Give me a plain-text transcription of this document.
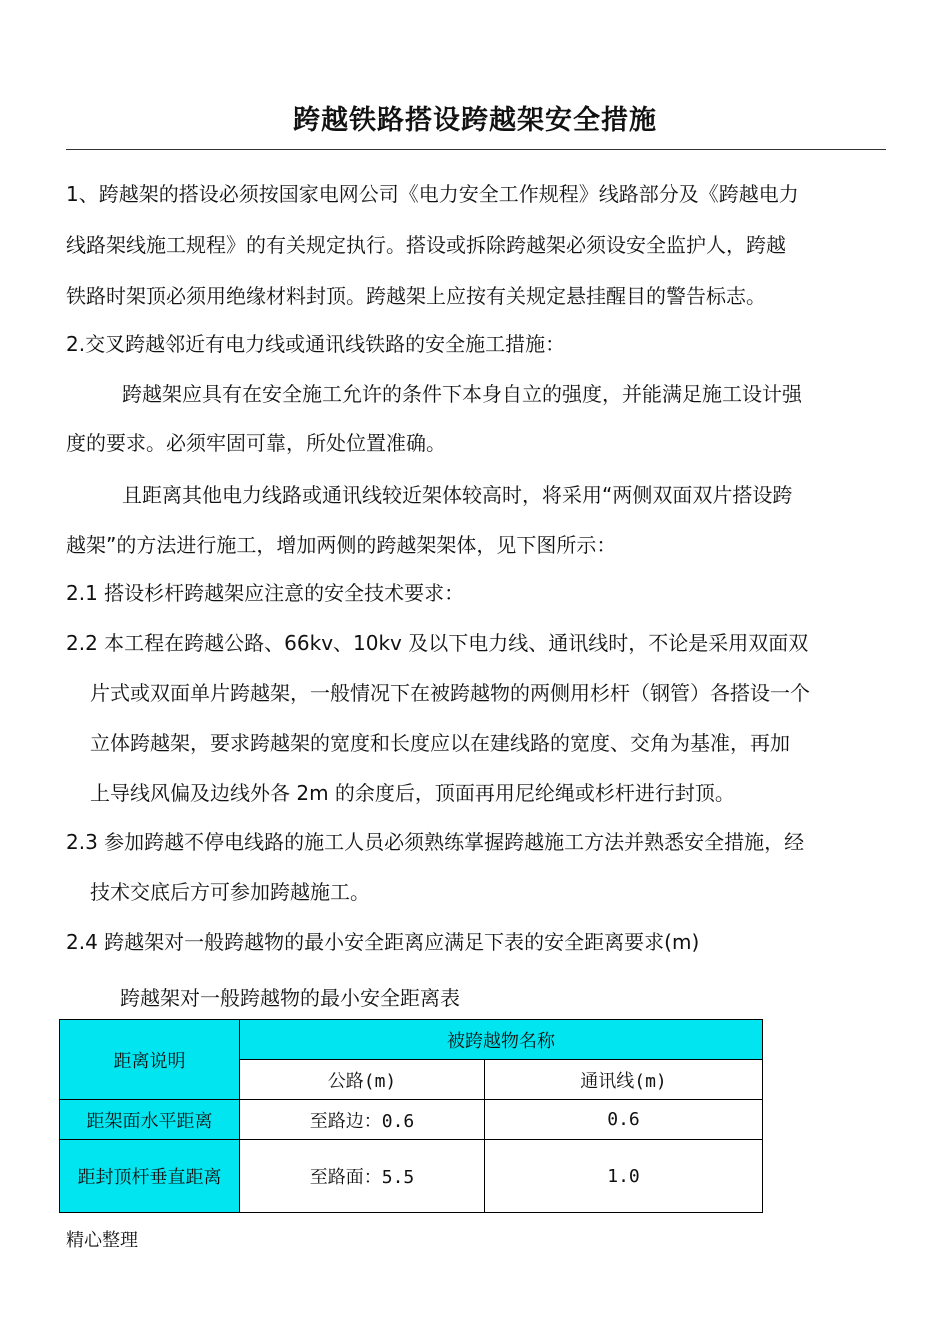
跨越铁路搭设跨越架安全措施
1、跨越架的搭设必须按国家电网公司《电力安全工作规程》线路部分及《跨越电力
线路架线施工规程》的有关规定执行。搭设或拆除跨越架必须设安全监护人，跨越
铁路时架顶必须用绝缘材料封顶。跨越架上应按有关规定悬挂醒目的警告标志。
2.交叉跨越邻近有电力线或通讯线铁路的安全施工措施：
跨越架应具有在安全施工允许的条件下本身自立的强度，并能满足施工设计强
度的要求。必须牢固可靠，所处位置准确。
且距离其他电力线路或通讯线较近架体较高时，将采用“两侧双面双片搭设跨
越架”的方法进行施工，增加两侧的跨越架架体，见下图所示：
2.1 搭设杉杆跨越架应注意的安全技术要求：
2.2 本工程在跨越公路、66kv、10kv 及以下电力线、通讯线时，不论是采用双面双
片式或双面单片跨越架，一般情况下在被跨越物的两侧用杉杆（钢管）各搭设一个
立体跨越架，要求跨越架的宽度和长度应以在建线路的宽度、交角为基准，再加
上导线风偏及边线外各 2m 的余度后，顶面再用尼纶绳或杉杆进行封顶。
2.3 参加跨越不停电线路的施工人员必须熟练掌握跨越施工方法并熟悉安全措施，经
技术交底后方可参加跨越施工。
2.4 跨越架对一般跨越物的最小安全距离应满足下表的安全距离要求(m)
跨越架对一般跨越物的最小安全距离表
距离说明	被跨越物名称	
	公路(m)	通讯线(m)
距架面水平距离	至路边：0.6	0.6
距封顶杆垂直距离	至路面：5.5	1.0
精心整理
